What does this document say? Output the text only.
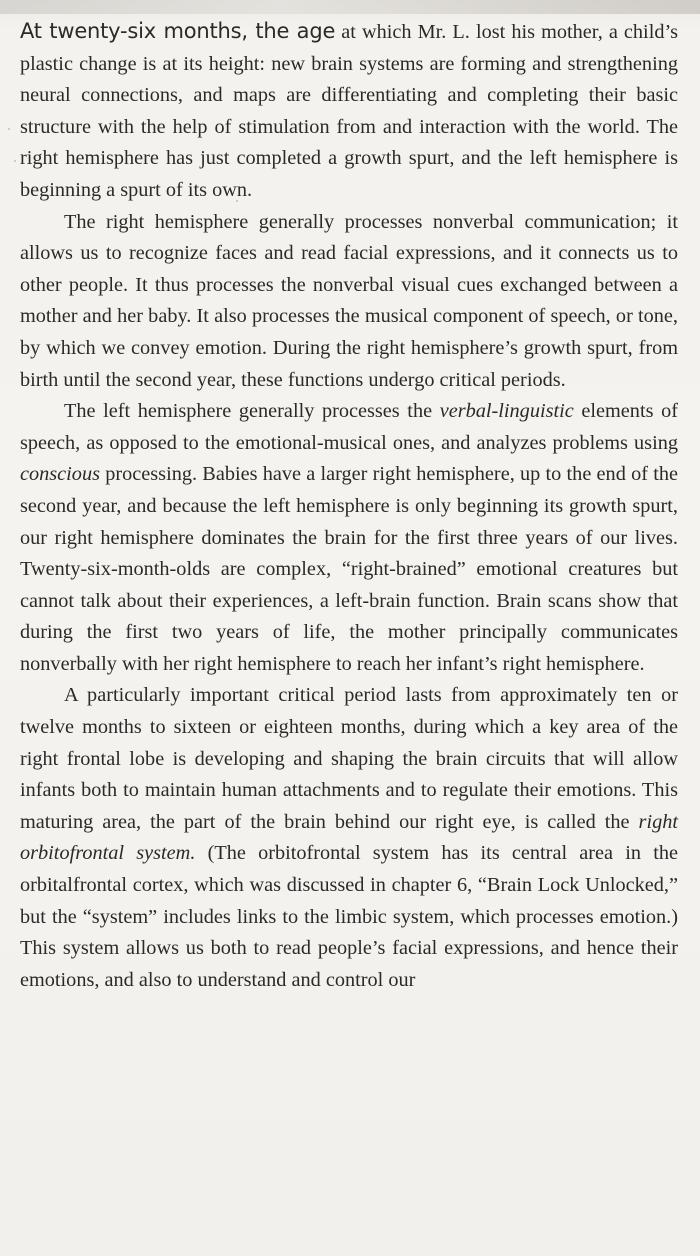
At twenty-six months, the age at which Mr. L. lost his mother, a child’s plastic change is at its height: new brain systems are forming and strengthening neural connections, and maps are differentiating and completing their basic structure with the help of stimulation from and interaction with the world. The right hemisphere has just completed a growth spurt, and the left hemisphere is beginning a spurt of its own.

The right hemisphere generally processes nonverbal communication; it allows us to recognize faces and read facial expressions, and it connects us to other people. It thus processes the nonverbal visual cues exchanged between a mother and her baby. It also processes the musical component of speech, or tone, by which we convey emotion. During the right hemisphere’s growth spurt, from birth until the second year, these functions undergo critical periods.

The left hemisphere generally processes the verbal-linguistic elements of speech, as opposed to the emotional-musical ones, and analyzes problems using conscious processing. Babies have a larger right hemisphere, up to the end of the second year, and because the left hemisphere is only beginning its growth spurt, our right hemisphere dominates the brain for the first three years of our lives. Twenty-six-month-olds are complex, “right-brained” emotional creatures but cannot talk about their experiences, a left-brain function. Brain scans show that during the first two years of life, the mother principally communicates nonverbally with her right hemisphere to reach her infant’s right hemisphere.

A particularly important critical period lasts from approximately ten or twelve months to sixteen or eighteen months, during which a key area of the right frontal lobe is developing and shaping the brain circuits that will allow infants both to maintain human attachments and to regulate their emotions. This maturing area, the part of the brain behind our right eye, is called the right orbitofrontal system. (The orbitofrontal system has its central area in the orbitalfrontal cortex, which was discussed in chapter 6, “Brain Lock Unlocked,” but the “system” includes links to the limbic system, which processes emotion.) This system allows us both to read people’s facial expressions, and hence their emotions, and also to understand and control our
